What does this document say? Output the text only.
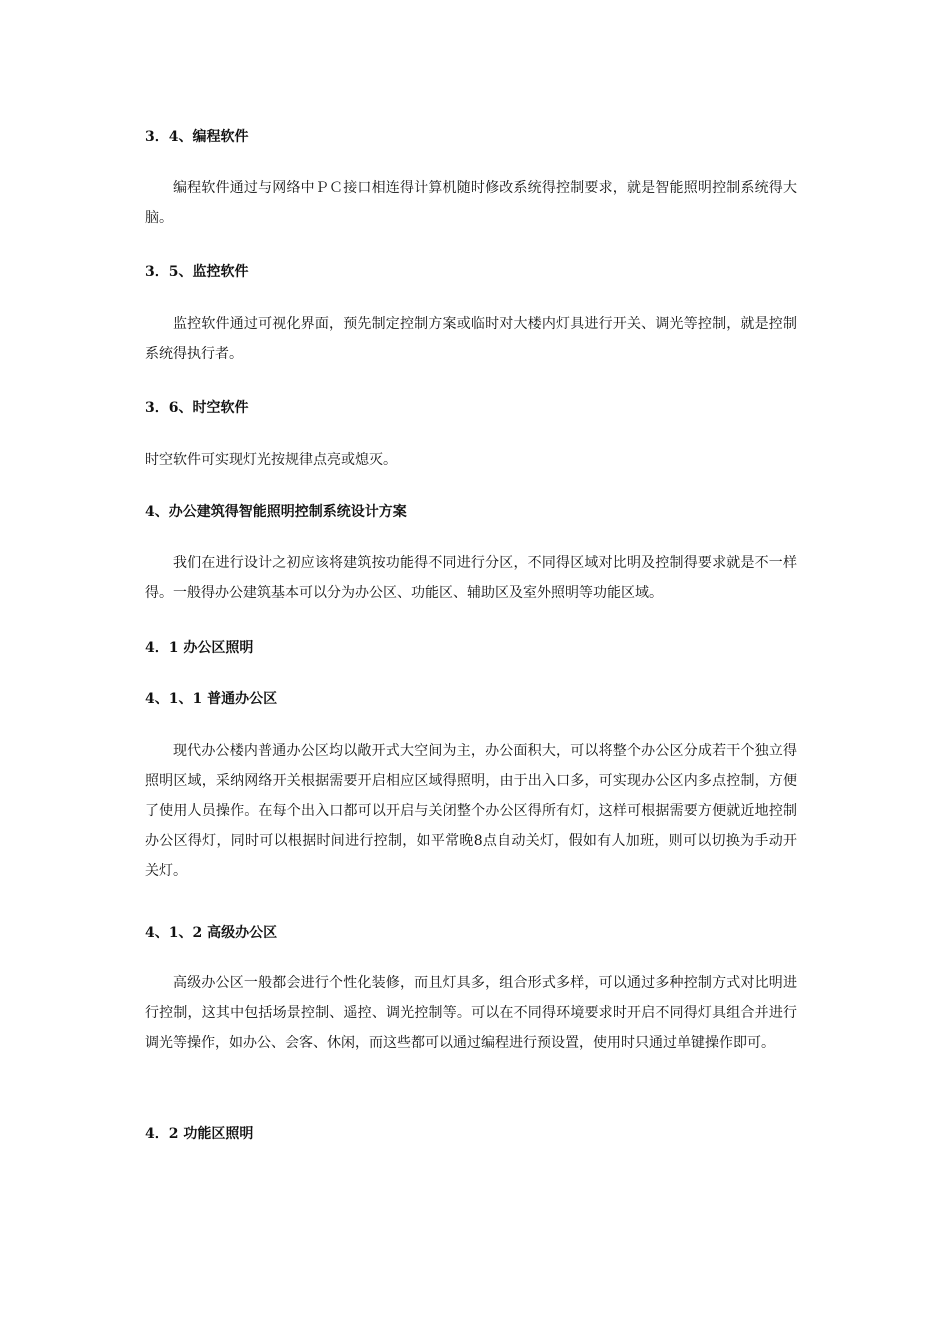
3．4、编程软件
编程软件通过与网络中ＰＣ接口相连得计算机随时修改系统得控制要求，就是智能照明控制系统得大脑。
3．5、监控软件
监控软件通过可视化界面，预先制定控制方案或临时对大楼内灯具进行开关、调光等控制，就是控制系统得执行者。
3．6、时空软件
时空软件可实现灯光按规律点亮或熄灭。
4、办公建筑得智能照明控制系统设计方案
我们在进行设计之初应该将建筑按功能得不同进行分区，不同得区域对比明及控制得要求就是不一样得。一般得办公建筑基本可以分为办公区、功能区、辅助区及室外照明等功能区域。
4．1 办公区照明
4、1、1 普通办公区
现代办公楼内普通办公区均以敞开式大空间为主，办公面积大，可以将整个办公区分成若干个独立得照明区域，采纳网络开关根据需要开启相应区域得照明，由于出入口多，可实现办公区内多点控制，方便了使用人员操作。在每个出入口都可以开启与关闭整个办公区得所有灯，这样可根据需要方便就近地控制办公区得灯，同时可以根据时间进行控制，如平常晚8点自动关灯，假如有人加班，则可以切换为手动开关灯。
4、1、2 高级办公区
高级办公区一般都会进行个性化装修，而且灯具多，组合形式多样，可以通过多种控制方式对比明进行控制，这其中包括场景控制、遥控、调光控制等。可以在不同得环境要求时开启不同得灯具组合并进行调光等操作，如办公、会客、休闲，而这些都可以通过编程进行预设置，使用时只通过单键操作即可。
4．2 功能区照明
